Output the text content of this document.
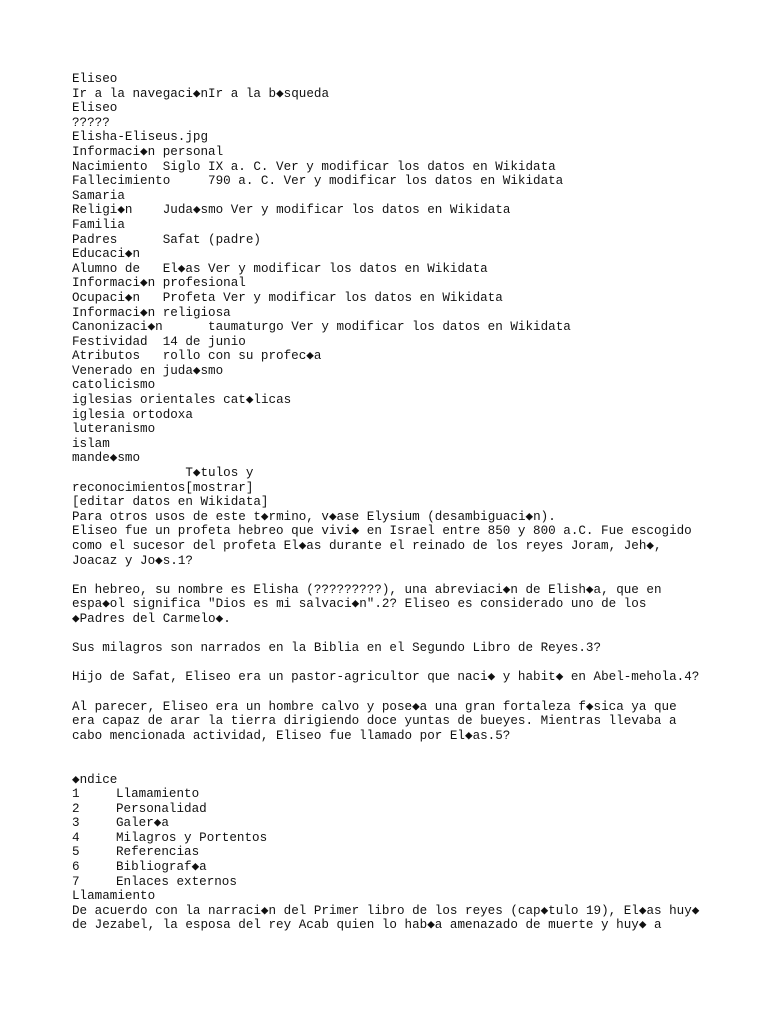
Eliseo
Ir a la navegaci◆nIr a la b◆squeda
Eliseo
?????
Elisha-Eliseus.jpg
Informaci◆n personal
Nacimiento  Siglo IX a. C. Ver y modificar los datos en Wikidata
Fallecimiento     790 a. C. Ver y modificar los datos en Wikidata
Samaria
Religi◆n    Juda◆smo Ver y modificar los datos en Wikidata
Familia
Padres      Safat (padre)
Educaci◆n
Alumno de   El◆as Ver y modificar los datos en Wikidata
Informaci◆n profesional
Ocupaci◆n   Profeta Ver y modificar los datos en Wikidata
Informaci◆n religiosa
Canonizaci◆n      taumaturgo Ver y modificar los datos en Wikidata
Festividad  14 de junio
Atributos   rollo con su profec◆a
Venerado en juda◆smo
catolicismo
iglesias orientales cat◆licas
iglesia ortodoxa
luteranismo
islam
mande◆smo
T◆tulos y
reconocimientos[mostrar]
[editar datos en Wikidata]
Para otros usos de este t◆rmino, v◆ase Elysium (desambiguaci◆n).
Eliseo fue un profeta hebreo que vivi◆ en Israel entre 850 y 800 a.C. Fue escogido
como el sucesor del profeta El◆as durante el reinado de los reyes Joram, Jeh◆,
Joacaz y Jo◆s.1?
En hebreo, su nombre es Elisha (?????????), una abreviaci◆n de Elish◆a, que en
espa◆ol significa "Dios es mi salvaci◆n".2? Eliseo es considerado uno de los
◆Padres del Carmelo◆.
Sus milagros son narrados en la Biblia en el Segundo Libro de Reyes.3?
Hijo de Safat, Eliseo era un pastor-agricultor que naci◆ y habit◆ en Abel-mehola.4?
Al parecer, Eliseo era un hombre calvo y pose◆a una gran fortaleza f◆sica ya que
era capaz de arar la tierra dirigiendo doce yuntas de bueyes. Mientras llevaba a
cabo mencionada actividad, Eliseo fue llamado por El◆as.5?
◆ndice
1	Llamamiento
2	Personalidad
3	Galer◆a
4	Milagros y Portentos
5	Referencias
6	Bibliograf◆a
7	Enlaces externos
Llamamiento
De acuerdo con la narraci◆n del Primer libro de los reyes (cap◆tulo 19), El◆as huy◆
de Jezabel, la esposa del rey Acab quien lo hab◆a amenazado de muerte y huy◆ a
